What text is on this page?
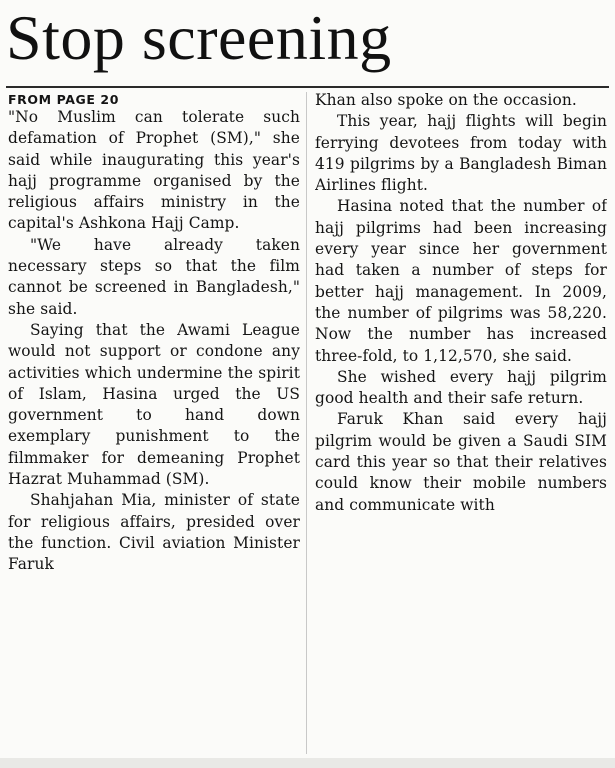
Stop screening
FROM PAGE 20

"No Muslim can tolerate such defamation of Prophet (SM)," she said while inaugurating this year's hajj programme organised by the religious affairs ministry in the capital's Ashkona Hajj Camp.

"We have already taken necessary steps so that the film cannot be screened in Bangladesh," she said.

Saying that the Awami League would not support or condone any activities which undermine the spirit of Islam, Hasina urged the US government to hand down exemplary punishment to the filmmaker for demeaning Prophet Hazrat Muhammad (SM).

Shahjahan Mia, minister of state for religious affairs, presided over the function. Civil aviation Minister Faruk

Khan also spoke on the occasion.

This year, hajj flights will begin ferrying devotees from today with 419 pilgrims by a Bangladesh Biman Airlines flight.

Hasina noted that the number of hajj pilgrims had been increasing every year since her government had taken a number of steps for better hajj management. In 2009, the number of pilgrims was 58,220. Now the number has increased three-fold, to 1,12,570, she said.

She wished every hajj pilgrim good health and their safe return.

Faruk Khan said every hajj pilgrim would be given a Saudi SIM card this year so that their relatives could know their mobile numbers and communicate with
